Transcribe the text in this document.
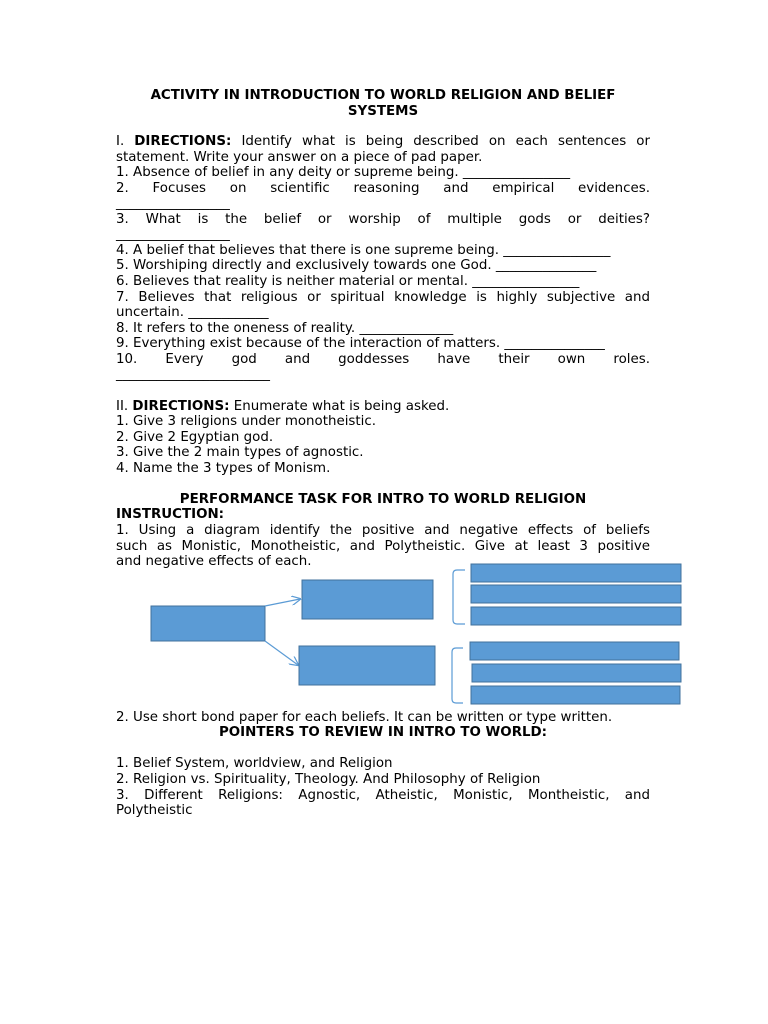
ACTIVITY IN INTRODUCTION TO WORLD RELIGION AND BELIEF
SYSTEMS
I. DIRECTIONS: Identify what is being described on each sentences or
statement. Write your answer on a piece of pad paper.
1. Absence of belief in any deity or supreme being. ________________
2. Focuses on scientific reasoning and empirical evidences.
_________________
3. What is the belief or worship of multiple gods or deities?
_________________
4. A belief that believes that there is one supreme being. ________________
5. Worshiping directly and exclusively towards one God. _______________
6. Believes that reality is neither material or mental. ________________
7. Believes that religious or spiritual knowledge is highly subjective and
uncertain. ____________
8. It refers to the oneness of reality. ______________
9. Everything exist because of the interaction of matters. _______________
10. Every god and goddesses have their own roles.
_______________________
II. DIRECTIONS: Enumerate what is being asked.
1. Give 3 religions under monotheistic.
2. Give 2 Egyptian god.
3. Give the 2 main types of agnostic.
4. Name the 3 types of Monism.
PERFORMANCE TASK FOR INTRO TO WORLD RELIGION
INSTRUCTION:
1. Using a diagram identify the positive and negative effects of beliefs
such as Monistic, Monotheistic, and Polytheistic. Give at least 3 positive
and negative effects of each.
2. Use short bond paper for each beliefs. It can be written or type written.
POINTERS TO REVIEW IN INTRO TO WORLD:
1. Belief System, worldview, and Religion
2. Religion vs. Spirituality, Theology. And Philosophy of Religion
3. Different Religions: Agnostic, Atheistic, Monistic, Montheistic, and
Polytheistic
